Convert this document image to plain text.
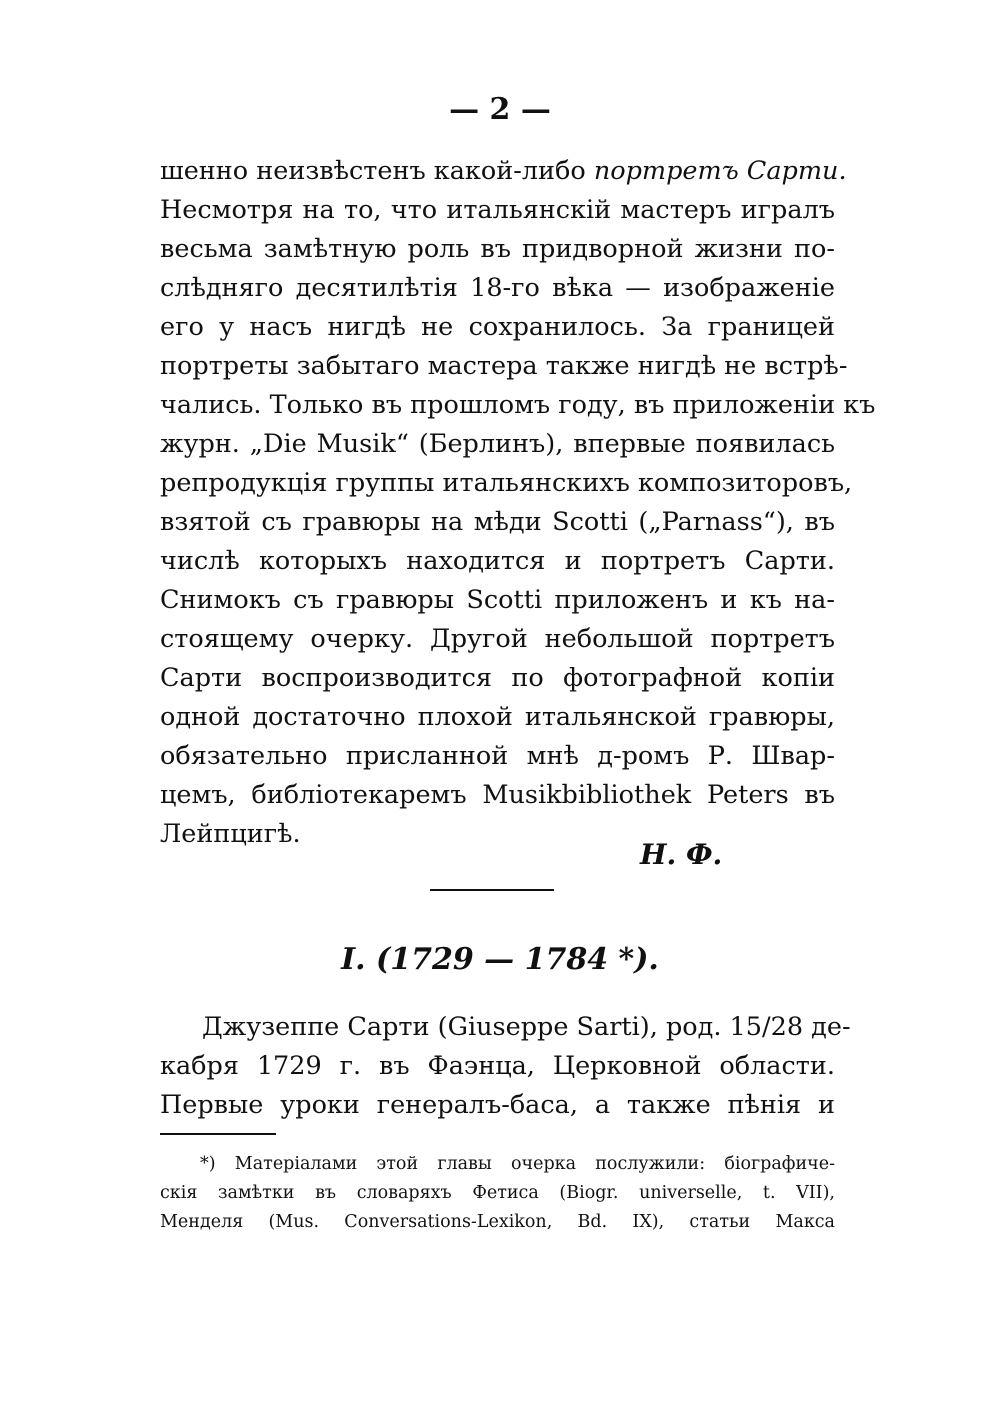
— 2 —
шенно неизвѣстенъ какой-либо портретъ Сарти.
Несмотря на то, что итальянскій мастеръ игралъ
весьма замѣтную роль въ придворной жизни по-
слѣдняго десятилѣтія 18-го вѣка — изображеніе
его у насъ нигдѣ не сохранилось. За границей
портреты забытаго мастера также нигдѣ не встрѣ-
чались. Только въ прошломъ году, въ приложеніи къ
журн. „Die Musik“ (Берлинъ), впервые появилась
репродукція группы итальянскихъ композиторовъ,
взятой съ гравюры на мѣди Scotti („Parnass“), въ
числѣ которыхъ находится и портретъ Сарти.
Снимокъ съ гравюры Scotti приложенъ и къ на-
стоящему очерку. Другой небольшой портретъ
Сарти воспроизводится по фотографной копіи
одной достаточно плохой итальянской гравюры,
обязательно присланной мнѣ д-ромъ Р. Швар-
цемъ, библіотекаремъ Musikbibliothek Peters въ
Лейпцигѣ.
Н. Ф.
I. (1729 — 1784 *).
Джузеппе Сарти (Giuseppe Sarti), род. 15/28 де-
кабря 1729 г. въ Фаэнца, Церковной области.
Первые уроки генералъ-баса, а также пѣнія и
*) Матеріалами этой главы очерка послужили: біографиче-
скія замѣтки въ словаряхъ Фетиса (Biogr. universelle, t. VII),
Менделя (Mus. Conversations-Lexikon, Bd. IX), статьи Макса
